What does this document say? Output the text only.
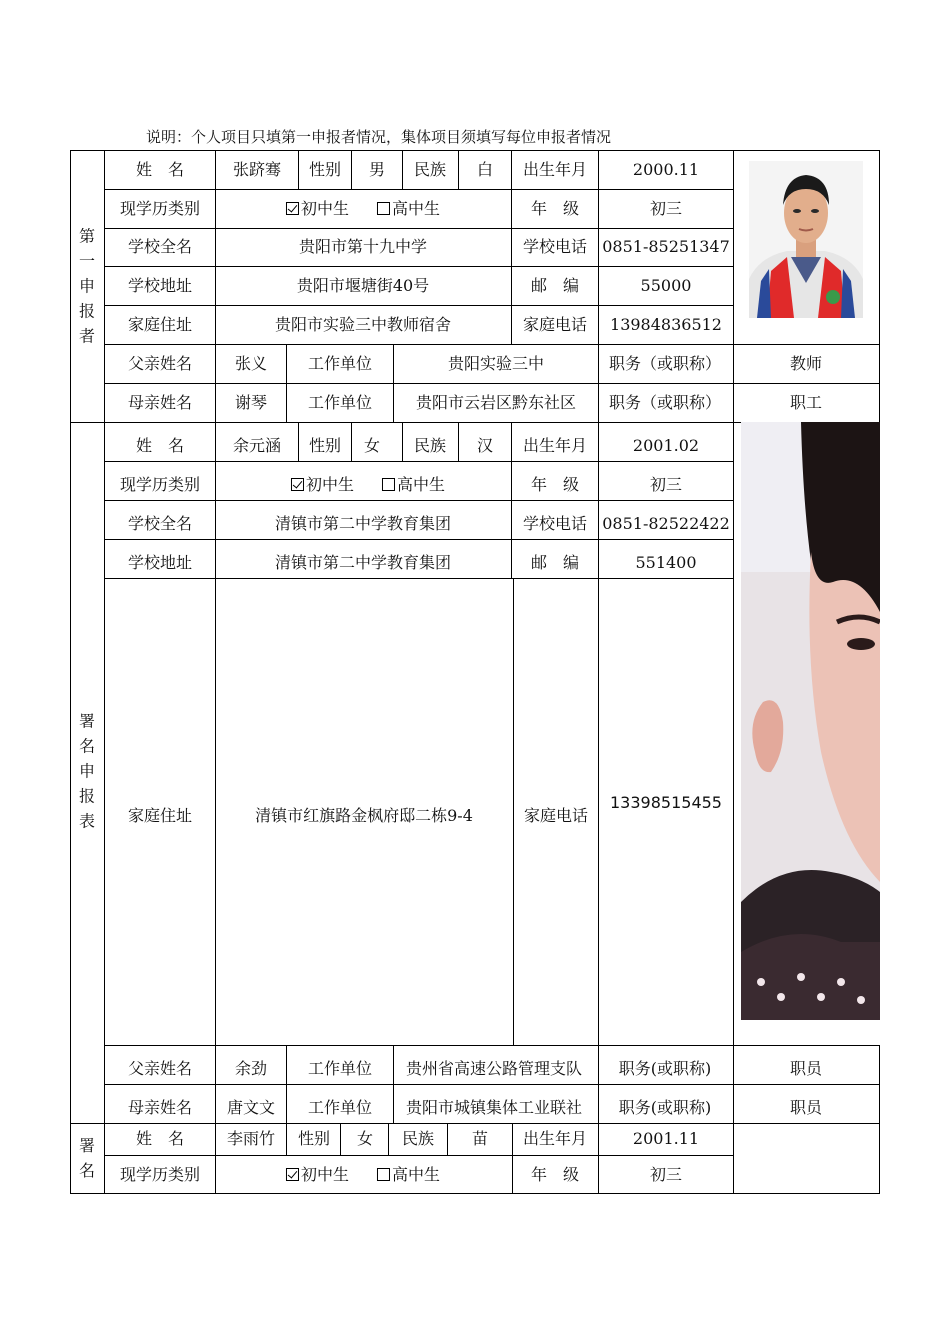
说明：个人项目只填第一申报者情况，集体项目须填写每位申报者情况
第
一
申
报
者
署
名
申
报
表
署
名
姓　名	张跻骞 性别 男 民族 白 出生年月	2000.11
现学历类别	初中生	高中生	年　级	初三
学校全名	贵阳市第十九中学	学校电话 0851-85251347
学校地址	贵阳市堰塘街40号	邮　编	55000
家庭住址	贵阳市实验三中教师宿舍	家庭电话 13984836512
父亲姓名	张义	工作单位	贵阳实验三中	职务（或职称）	教师
母亲姓名	谢琴	工作单位	贵阳市云岩区黔东社区 职务（或职称）	职工
姓　名	余元涵 性别 女 民族 汉 出生年月	2001.02
现学历类别	初中生	高中生	年　级	初三
学校全名	清镇市第二中学教育集团	学校电话 0851-82522422
学校地址	清镇市第二中学教育集团	邮　编	551400
家庭住址	清镇市红旗路金枫府邸二栋9-4	家庭电话
13398515455
父亲姓名	余劲	工作单位 贵州省高速公路管理支队 职务(或职称)	职员
母亲姓名 唐文文 工作单位 贵阳市城镇集体工业联社 职务(或职称)	职员
姓　名	李雨竹 性别 女 民族 苗 出生年月	2001.11
现学历类别	初中生	高中生	年　级	初三
